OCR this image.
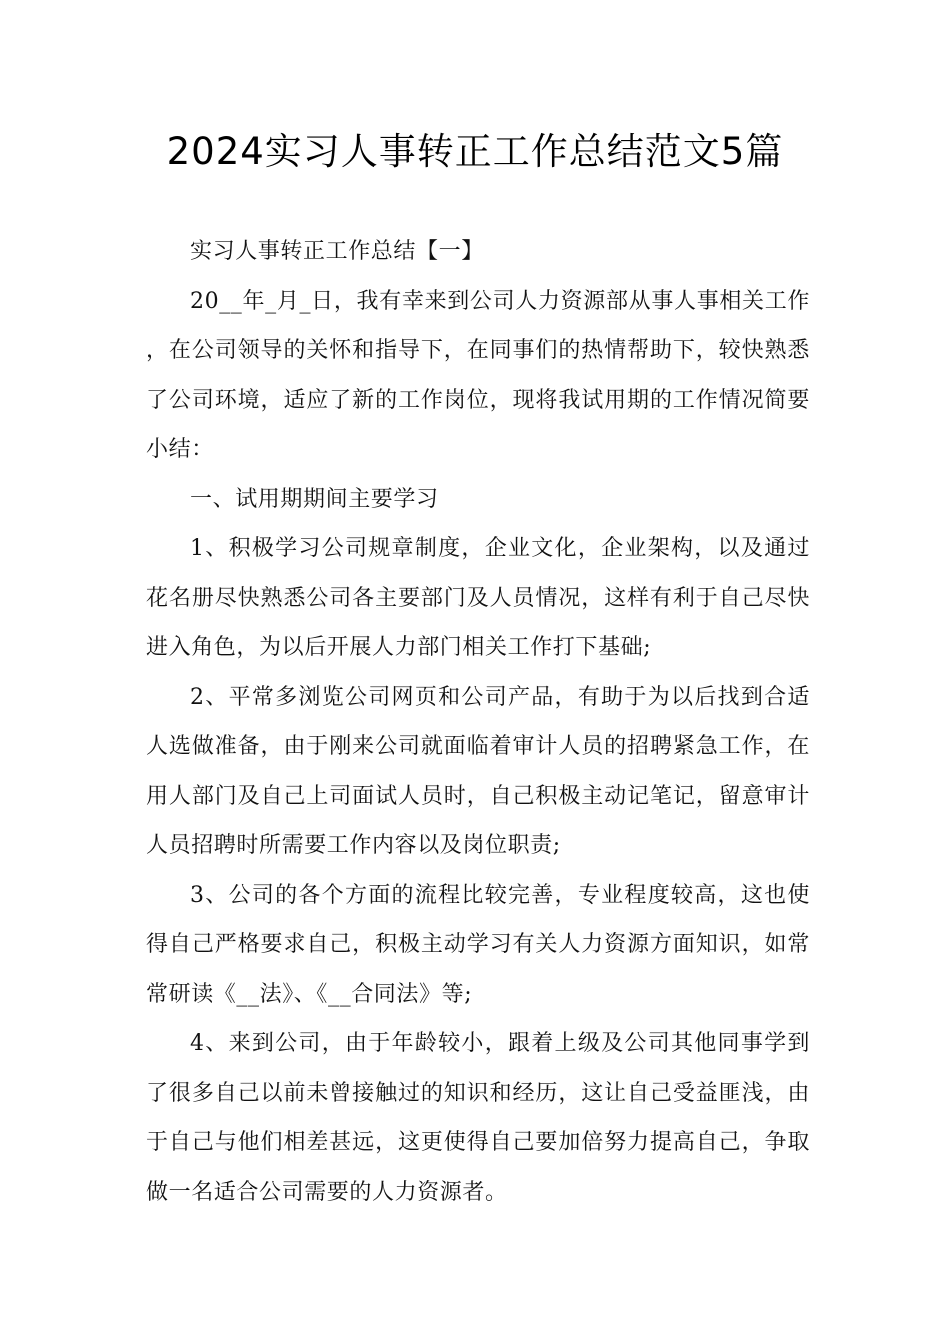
2024实习人事转正工作总结范文5篇

实习人事转正工作总结【一】

20__年_月_日，我有幸来到公司人力资源部从事人事相关工作，在公司领导的关怀和指导下，在同事们的热情帮助下，较快熟悉了公司环境，适应了新的工作岗位，现将我试用期的工作情况简要小结：

一、试用期期间主要学习

1、积极学习公司规章制度，企业文化，企业架构，以及通过花名册尽快熟悉公司各主要部门及人员情况，这样有利于自己尽快进入角色，为以后开展人力部门相关工作打下基础;

2、平常多浏览公司网页和公司产品，有助于为以后找到合适人选做准备，由于刚来公司就面临着审计人员的招聘紧急工作，在用人部门及自己上司面试人员时，自己积极主动记笔记，留意审计人员招聘时所需要工作内容以及岗位职责;

3、公司的各个方面的流程比较完善，专业程度较高，这也使得自己严格要求自己，积极主动学习有关人力资源方面知识，如常常研读《__法》、《__合同法》等;

4、来到公司，由于年龄较小，跟着上级及公司其他同事学到了很多自己以前未曾接触过的知识和经历，这让自己受益匪浅，由于自己与他们相差甚远，这更使得自己要加倍努力提高自己，争取做一名适合公司需要的人力资源者。
